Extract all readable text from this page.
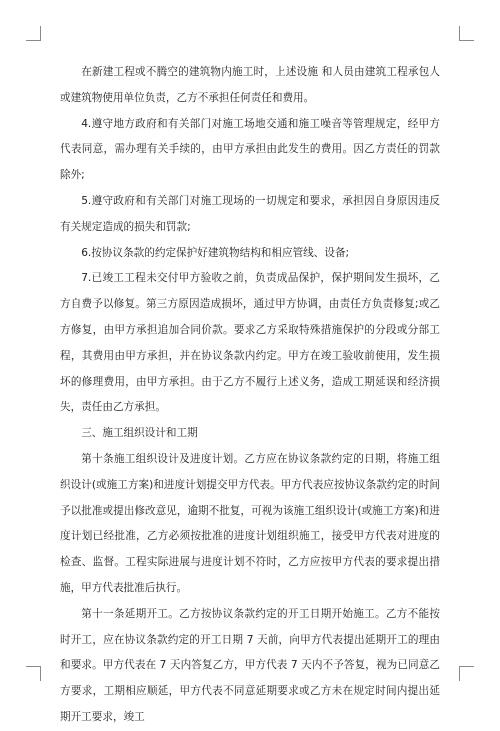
在新建工程或不腾空的建筑物内施工时，上述设施 和人员由建筑工程承包人或建筑物使用单位负责，乙方不承担任何责任和费用。

4.遵守地方政府和有关部门对施工场地交通和施工噪音等管理规定，经甲方代表同意，需办理有关手续的，由甲方承担由此发生的费用。因乙方责任的罚款除外;

5.遵守政府和有关部门对施工现场的一切规定和要求，承担因自身原因违反有关规定造成的损失和罚款;

6.按协议条款的约定保护好建筑物结构和相应管线、设备;

7.已竣工工程未交付甲方验收之前，负责成品保护，保护期间发生损坏，乙方自费予以修复。第三方原因造成损坏，通过甲方协调，由责任方负责修复;或乙方修复，由甲方承担追加合同价款。要求乙方采取特殊措施保护的分段或分部工程，其费用由甲方承担，并在协议条款内约定。甲方在竣工验收前使用，发生损坏的修理费用，由甲方承担。由于乙方不履行上述义务，造成工期延误和经济损失，责任由乙方承担。

三、施工组织设计和工期

第十条施工组织设计及进度计划。乙方应在协议条款约定的日期，将施工组织设计(或施工方案)和进度计划提交甲方代表。甲方代表应按协议条款约定的时间予以批准或提出修改意见，逾期不批复，可视为该施工组织设计(或施工方案)和进度计划已经批准，乙方必须按批准的进度计划组织施工，接受甲方代表对进度的检查、监督。工程实际进展与进度计划不符时，乙方应按甲方代表的要求提出措施，甲方代表批准后执行。

第十一条延期开工。乙方按协议条款约定的开工日期开始施工。乙方不能按时开工，应在协议条款约定的开工日期 7 天前，向甲方代表提出延期开工的理由和要求。甲方代表在 7 天内答复乙方，甲方代表 7 天内不予答复，视为已同意乙方要求，工期相应顺延，甲方代表不同意延期要求或乙方未在规定时间内提出延期开工要求，竣工
